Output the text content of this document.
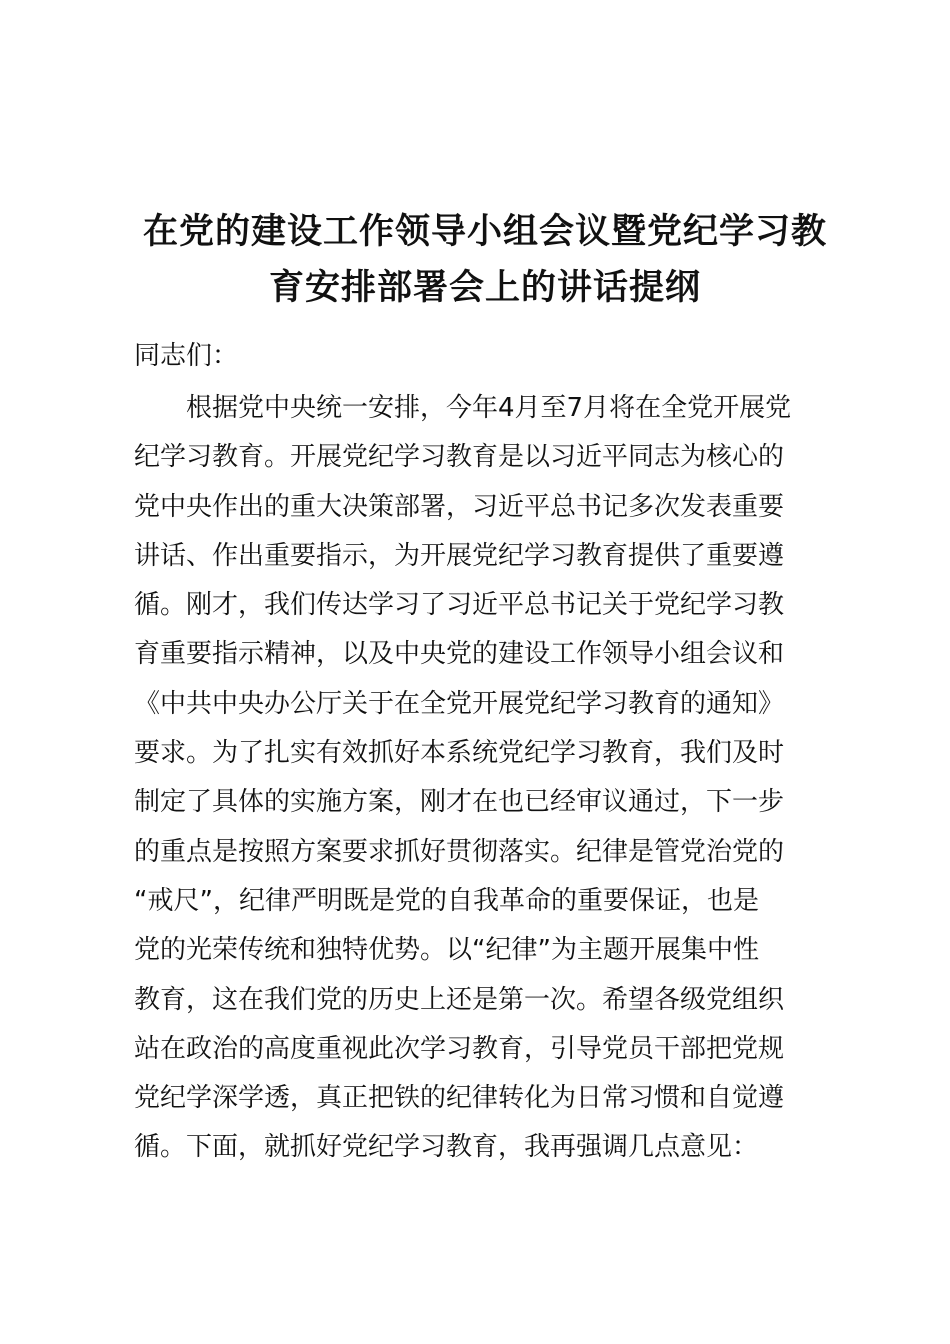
在党的建设工作领导小组会议暨党纪学习教
育安排部署会上的讲话提纲

同志们：

根据党中央统一安排，今年4月至7月将在全党开展党
纪学习教育。开展党纪学习教育是以习近平同志为核心的
党中央作出的重大决策部署，习近平总书记多次发表重要
讲话、作出重要指示，为开展党纪学习教育提供了重要遵
循。刚才，我们传达学习了习近平总书记关于党纪学习教
育重要指示精神，以及中央党的建设工作领导小组会议和
《中共中央办公厅关于在全党开展党纪学习教育的通知》
要求。为了扎实有效抓好本系统党纪学习教育，我们及时
制定了具体的实施方案，刚才在也已经审议通过，下一步
的重点是按照方案要求抓好贯彻落实。纪律是管党治党的
“戒尺”，纪律严明既是党的自我革命的重要保证，也是
党的光荣传统和独特优势。以“纪律”为主题开展集中性
教育，这在我们党的历史上还是第一次。希望各级党组织
站在政治的高度重视此次学习教育，引导党员干部把党规
党纪学深学透，真正把铁的纪律转化为日常习惯和自觉遵
循。下面，就抓好党纪学习教育，我再强调几点意见：
